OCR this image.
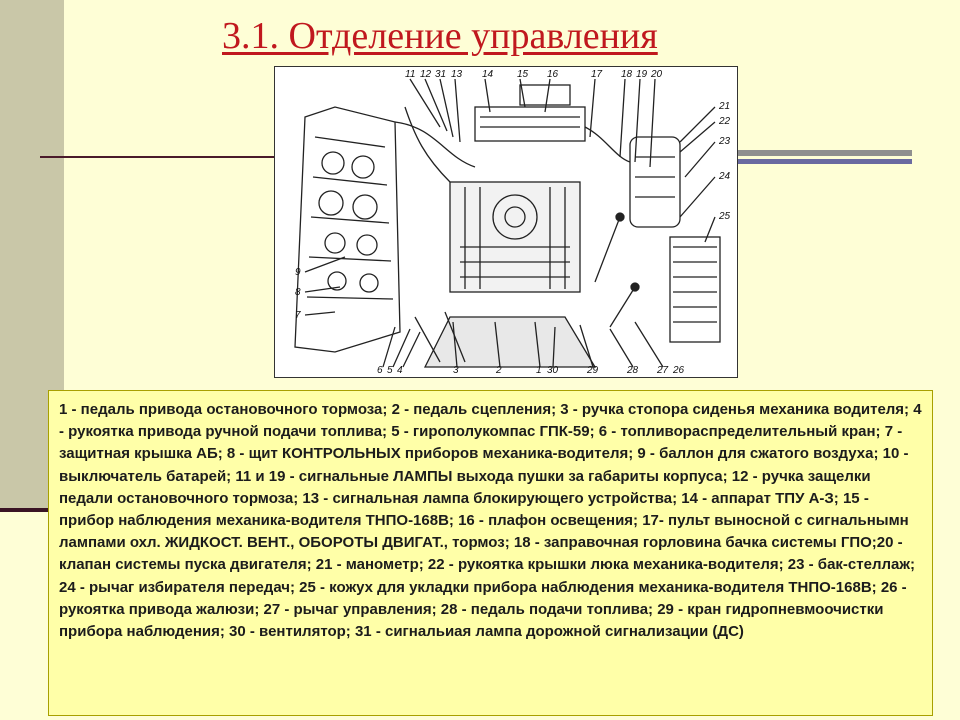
3.1. Отделение управления
11 12 31 13 14 15 16	17 18 19 20
21
22
23
24
25
9
8
7
6 5 4	3	2	1 30	29	28 27 26

1 - педаль привода остановочного тормоза; 2 - педаль сцепления; 3 - ручка стопора сиденья механика водителя; 4 - рукоятка привода ручной подачи топлива; 5 - гирополукомпас ГПК-59; 6 - топливораспределительный кран; 7 - защитная крышка АБ; 8 - щит КОНТРОЛЬНЫХ приборов механика-водителя; 9 - баллон для сжатого воздуха; 10 - выключатель батарей; 11 и 19 - сигнальные ЛАМПЫ выхода пушки за габариты корпуса; 12 - ручка защелки педали остановочного тормоза; 13 - сигнальная лампа блокирующего устройства; 14 - аппарат ТПУ А-З; 15 - прибор наблюдения механика-водителя ТНПО-168В; 16 - плафон освещения; 17- пульт выносной с сигнальнымн лампами охл. ЖИДКОСТ. ВЕНТ., ОБОРОТЫ ДВИГАТ., тормоз; 18 - заправочная горловина бачка системы ГПО;20 - клапан системы пуска двигателя; 21 - манометр; 22 - рукоятка крышки люка механика-водителя; 23 - бак-стеллаж; 24 - рычаг избирателя передач; 25 - кожух для укладки прибора наблюдения механика-водителя ТНПО-168В; 26 - рукоятка привода жалюзи; 27 - рычаг управления; 28 - педаль подачи топлива; 29 - кран гидропневмоочистки прибора наблюдения; 30 - вентилятор; 31 - сигнальиая лампа дорожной сигнализации (ДС)
